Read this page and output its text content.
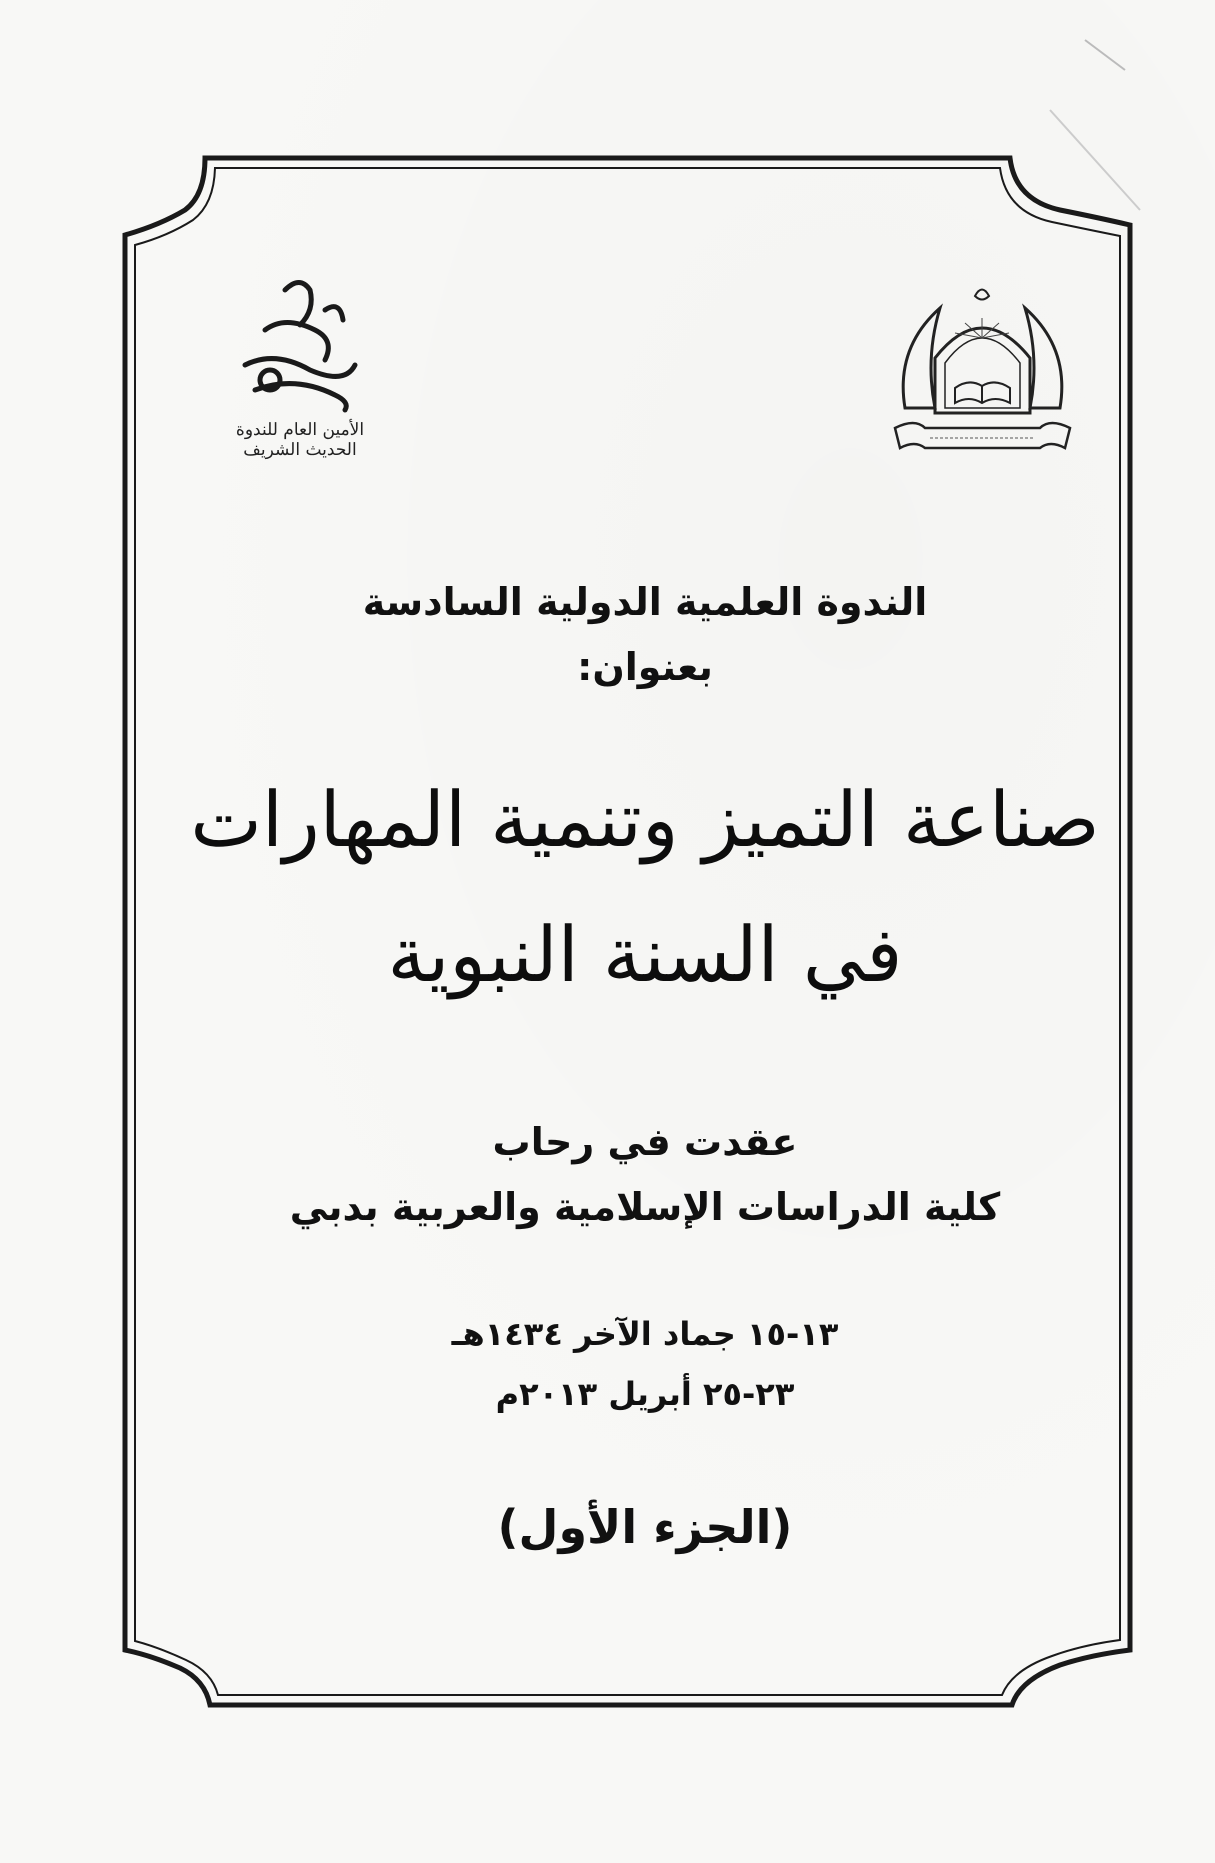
الأمين العام للندوة
الحديث الشريف
الندوة العلمية الدولية السادسة
بعنوان:
صناعة التميز وتنمية المهارات
في السنة النبوية
عقدت في رحاب
كلية الدراسات الإسلامية والعربية بدبي
١٣-١٥ جماد الآخر ١٤٣٤هـ
٢٣-٢٥ أبريل ٢٠١٣م
(الجزء الأول)
